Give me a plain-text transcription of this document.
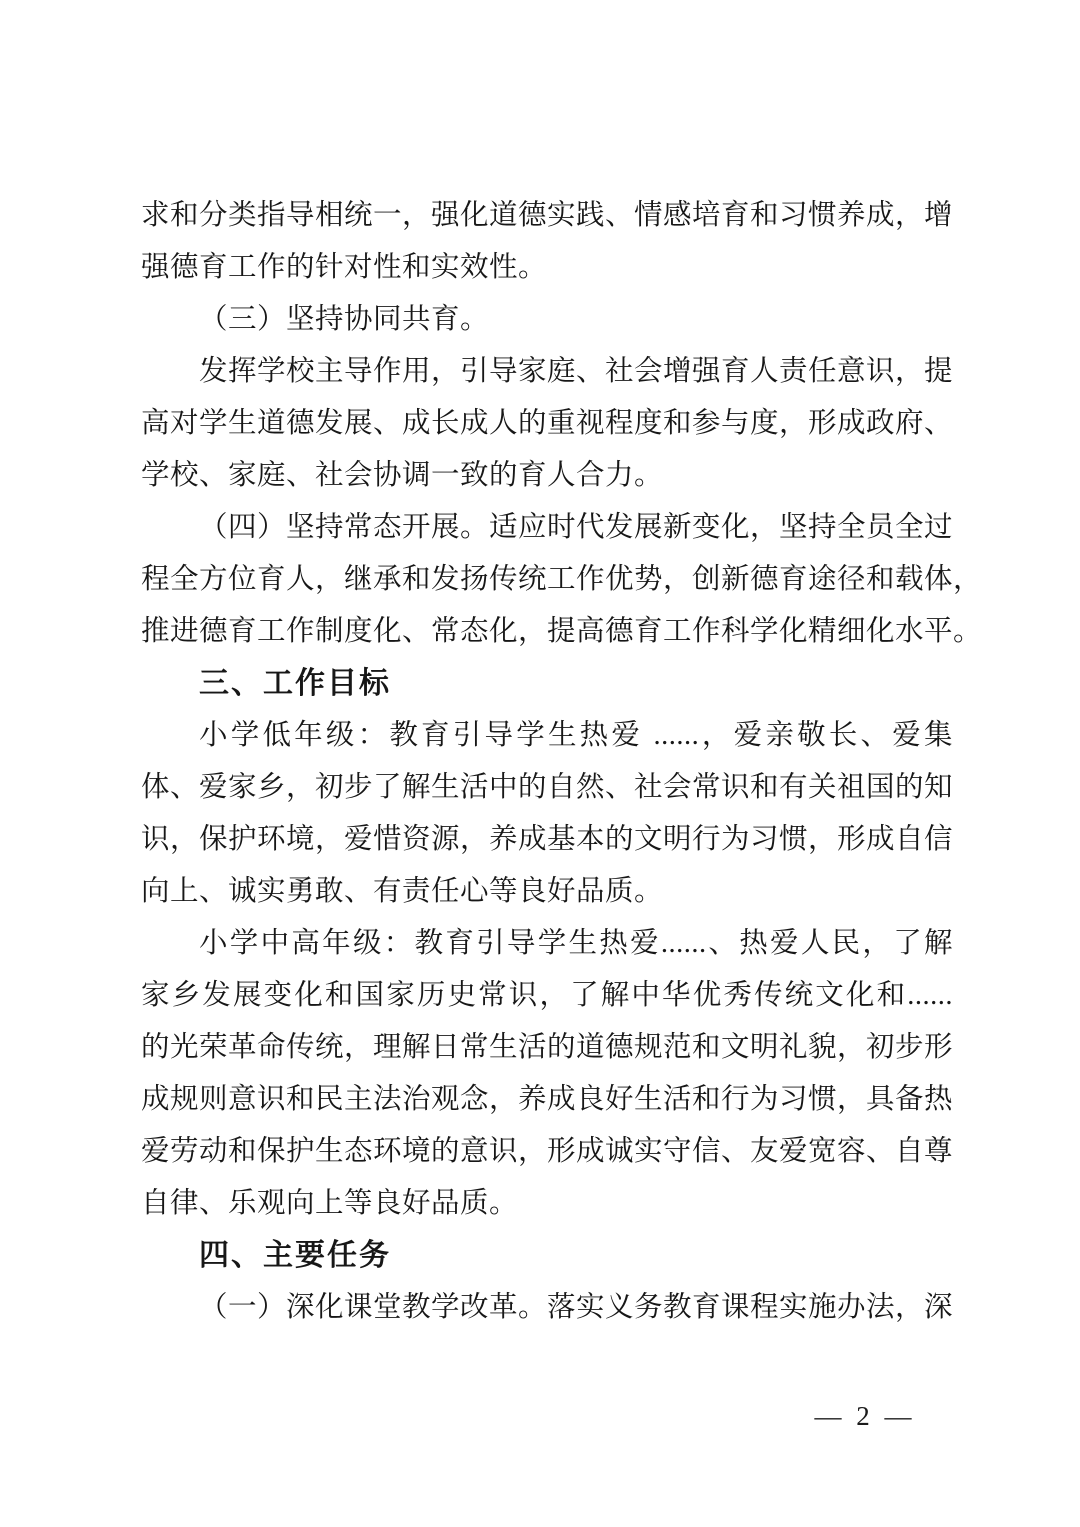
求和分类指导相统一，强化道德实践、情感培育和习惯养成，增
强德育工作的针对性和实效性。
（三）坚持协同共育。
发挥学校主导作用，引导家庭、社会增强育人责任意识，提
高对学生道德发展、成长成人的重视程度和参与度，形成政府、
学校、家庭、社会协调一致的育人合力。
（四）坚持常态开展。适应时代发展新变化，坚持全员全过
程全方位育人，继承和发扬传统工作优势，创新德育途径和载体，
推进德育工作制度化、常态化，提高德育工作科学化精细化水平。
三、工作目标
小学低年级：教育引导学生热爱 ......，爱亲敬长、爱集
体、爱家乡，初步了解生活中的自然、社会常识和有关祖国的知
识，保护环境，爱惜资源，养成基本的文明行为习惯，形成自信
向上、诚实勇敢、有责任心等良好品质。
小学中高年级：教育引导学生热爱......、热爱人民，了解
家乡发展变化和国家历史常识，了解中华优秀传统文化和......
的光荣革命传统，理解日常生活的道德规范和文明礼貌，初步形
成规则意识和民主法治观念，养成良好生活和行为习惯，具备热
爱劳动和保护生态环境的意识，形成诚实守信、友爱宽容、自尊
自律、乐观向上等良好品质。
四、主要任务
（一）深化课堂教学改革。落实义务教育课程实施办法，深
— 2 —
